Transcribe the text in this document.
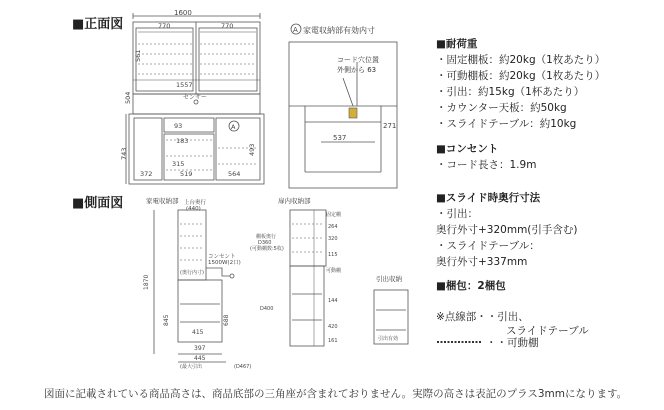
■正面図
1600
770	770
561
1557
504	センサー
93
183
A
743
315
372	519	564
493
A 家電収納部有効内寸
コード穴位置
外側から 63
537
271
■側面図	家電収納部 上台奥行
(440)
コンセント
1500W(2口)
(奥行内寸)
1870
415
445
397
845	688
(最大引出	(D467)
扉内収納部
固定棚
可動棚
棚板奥行
D360
(可動棚数:5枚)
264
320
115
144
D400
420
161
引出収納
引出有効
■耐荷重
・固定棚板：約20kg（1枚あたり）
・可動棚板：約20kg（1枚あたり）
・引出：約15kg（1杯あたり）
・カウンター天板：約50kg
・スライドテーブル：約10kg
■コンセント
・コード長さ：1.9m
■スライド時奥行寸法
・引出：
奥行外寸+320mm(引手含む)
・スライドテーブル：
奥行外寸+337mm
■梱包：2梱包
※点線部・・引出、
スライドテーブル
・・可動棚
図面に記載されている商品高さは、商品底部の三角座が含まれておりません。実際の高さは表記のプラス3mmになります。
